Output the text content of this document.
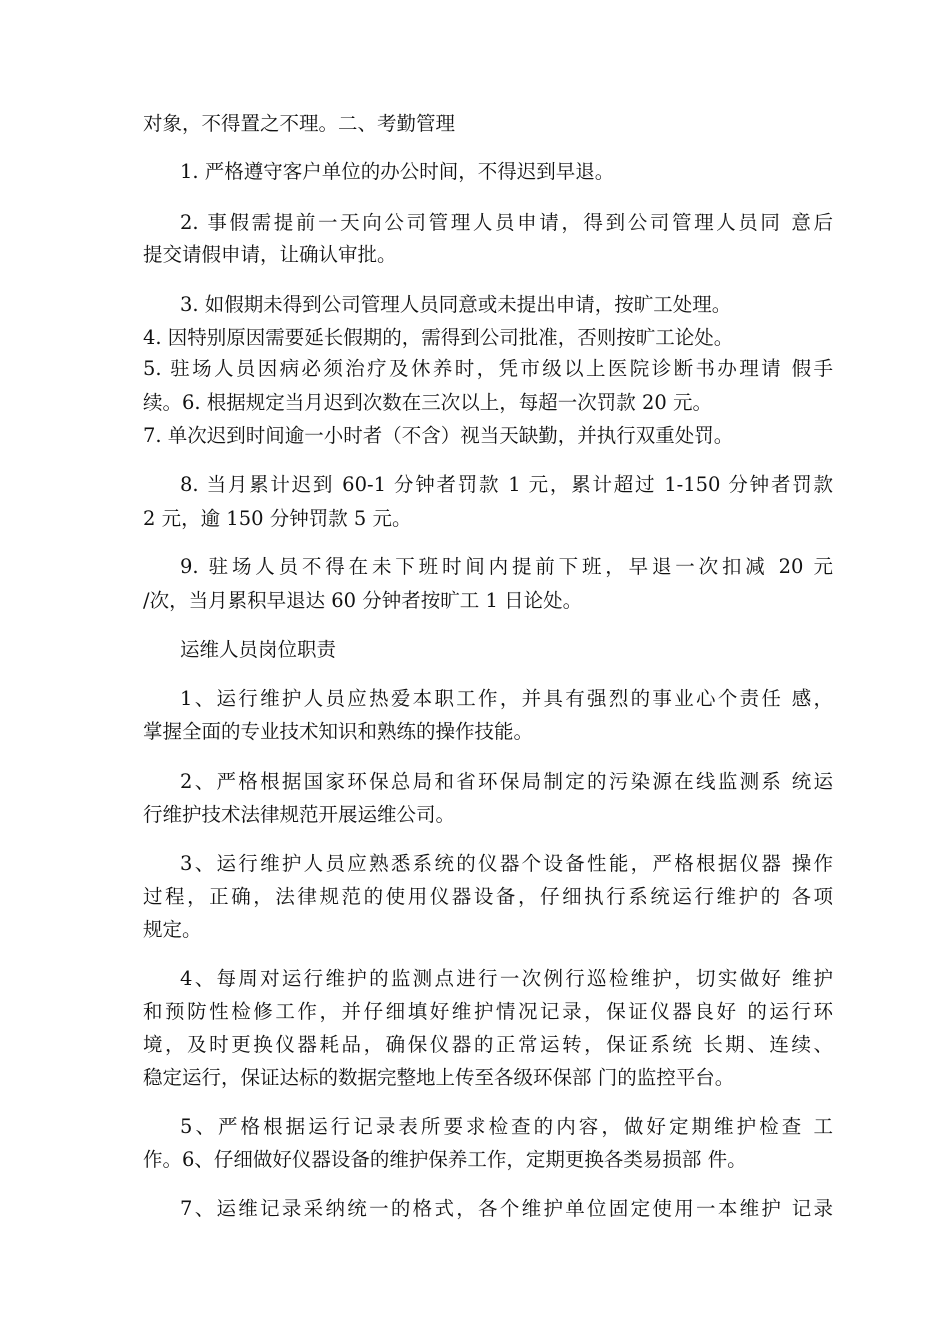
对象，不得置之不理。二、考勤管理
1. 严格遵守客户单位的办公时间，不得迟到早退。
2. 事假需提前一天向公司管理人员申请，得到公司管理人员同 意后
提交请假申请，让确认审批。
3. 如假期未得到公司管理人员同意或未提出申请，按旷工处理。
4. 因特别原因需要延长假期的，需得到公司批准，否则按旷工论处。
5. 驻场人员因病必须治疗及休养时，凭市级以上医院诊断书办理请 假手
续。6. 根据规定当月迟到次数在三次以上，每超一次罚款 20 元。
7. 单次迟到时间逾一小时者（不含）视当天缺勤，并执行双重处罚。
8. 当月累计迟到 60-1 分钟者罚款 1 元，累计超过 1-150 分钟者罚款
2 元，逾 150 分钟罚款 5 元。
9. 驻场人员不得在未下班时间内提前下班，早退一次扣减 20 元
/次，当月累积早退达 60 分钟者按旷工 1 日论处。
运维人员岗位职责
1、运行维护人员应热爱本职工作，并具有强烈的事业心个责任 感，
掌握全面的专业技术知识和熟练的操作技能。
2、严格根据国家环保总局和省环保局制定的污染源在线监测系 统运
行维护技术法律规范开展运维公司。
3、运行维护人员应熟悉系统的仪器个设备性能，严格根据仪器 操作
过程，正确，法律规范的使用仪器设备，仔细执行系统运行维护的 各项
规定。
4、每周对运行维护的监测点进行一次例行巡检维护，切实做好 维护
和预防性检修工作，并仔细填好维护情况记录，保证仪器良好 的运行环
境，及时更换仪器耗品，确保仪器的正常运转，保证系统 长期、连续、
稳定运行，保证达标的数据完整地上传至各级环保部 门的监控平台。
5、严格根据运行记录表所要求检查的内容，做好定期维护检查 工
作。6、仔细做好仪器设备的维护保养工作，定期更换各类易损部 件。
7、运维记录采纳统一的格式，各个维护单位固定使用一本维护 记录
